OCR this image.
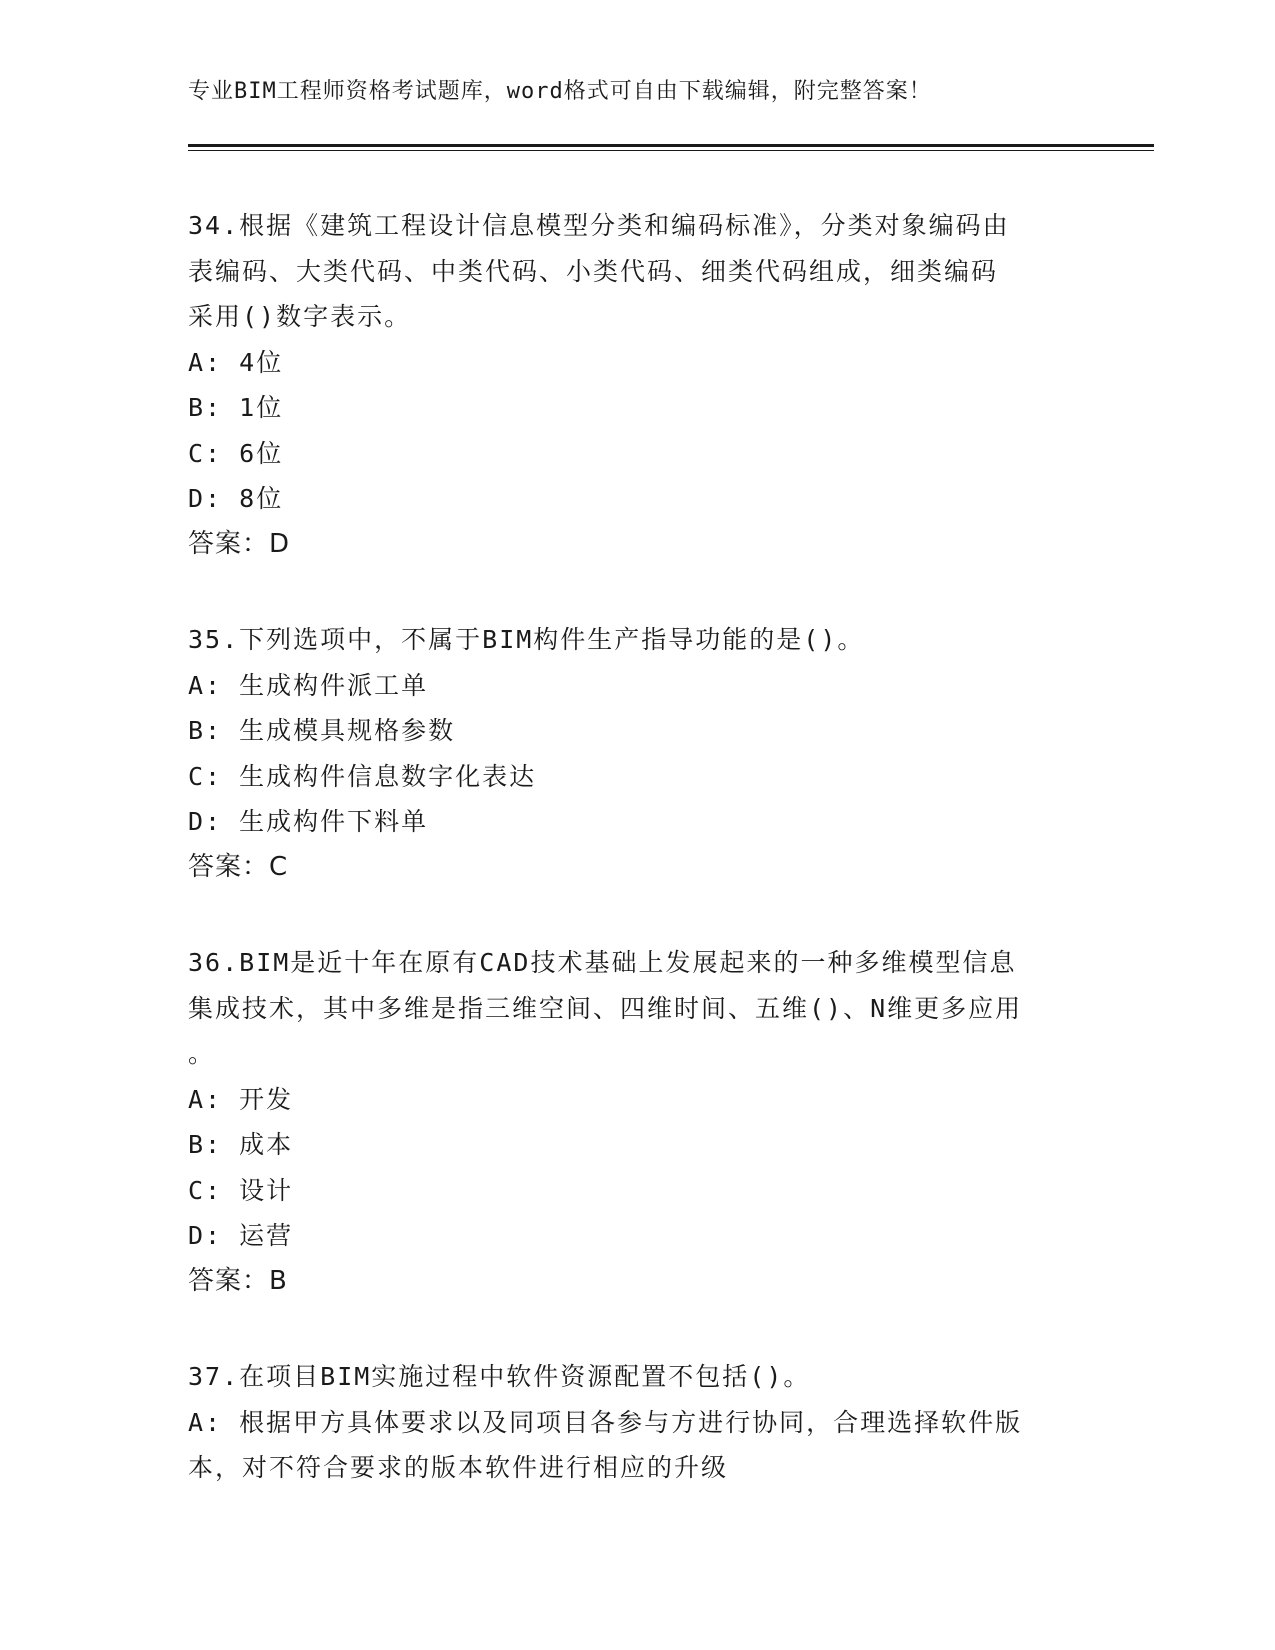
专业BIM工程师资格考试题库，word格式可自由下载编辑，附完整答案！
34.根据《建筑工程设计信息模型分类和编码标准》，分类对象编码由
表编码、大类代码、中类代码、小类代码、细类代码组成，细类编码
采用()数字表示。
A: 4位
B: 1位
C: 6位
D: 8位
答案：D
35.下列选项中，不属于BIM构件生产指导功能的是()。
A: 生成构件派工单
B: 生成模具规格参数
C: 生成构件信息数字化表达
D: 生成构件下料单
答案：C
36.BIM是近十年在原有CAD技术基础上发展起来的一种多维模型信息
集成技术，其中多维是指三维空间、四维时间、五维()、N维更多应用
。
A: 开发
B: 成本
C: 设计
D: 运营
答案：B
37.在项目BIM实施过程中软件资源配置不包括()。
A: 根据甲方具体要求以及同项目各参与方进行协同，合理选择软件版
本，对不符合要求的版本软件进行相应的升级
